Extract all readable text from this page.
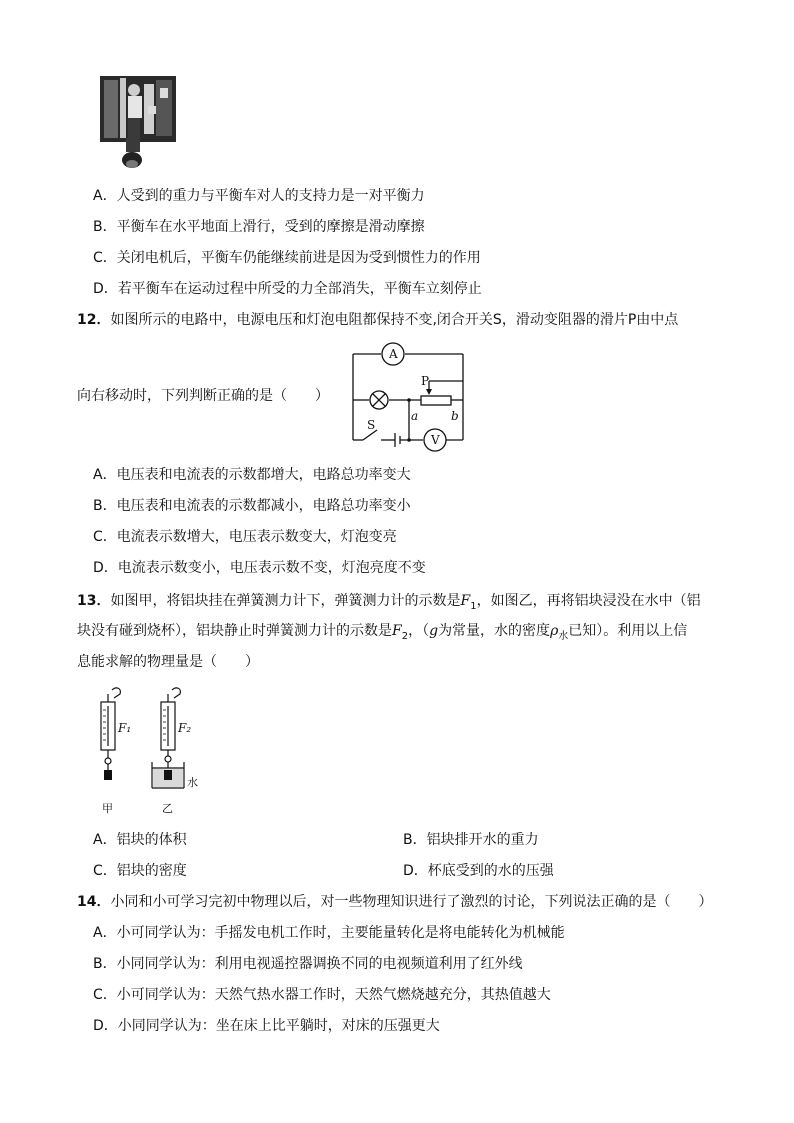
A．人受到的重力与平衡车对人的支持力是一对平衡力
B．平衡车在水平地面上滑行，受到的摩擦是滑动摩擦
C．关闭电机后，平衡车仍能继续前进是因为受到惯性力的作用
D．若平衡车在运动过程中所受的力全部消失，平衡车立刻停止
12．如图所示的电路中，电源电压和灯泡电阻都保持不变,闭合开关S，滑动变阻器的滑片P由中点
向右移动时，下列判断正确的是（　　）
A
V
S
P
a	b
A．电压表和电流表的示数都增大，电路总功率变大
B．电压表和电流表的示数都减小，电路总功率变小
C．电流表示数增大，电压表示数变大，灯泡变亮
D．电流表示数变小，电压表示数不变，灯泡亮度不变
13．如图甲，将铝块挂在弹簧测力计下，弹簧测力计的示数是$F_1$，如图乙，再将铝块浸没在水中（铝
块没有碰到烧杯），铝块静止时弹簧测力计的示数是$F_2$，（g为常量，水的密度$\rho_水$已知）。利用以上信
息能求解的物理量是（　　）
F₁	F₂
水
甲	乙
A．铝块的体积	B．铝块排开水的重力
C．铝块的密度	D．杯底受到的水的压强
14．小同和小可学习完初中物理以后，对一些物理知识进行了激烈的讨论，下列说法正确的是（　　）
A．小可同学认为：手摇发电机工作时，主要能量转化是将电能转化为机械能
B．小同同学认为：利用电视遥控器调换不同的电视频道利用了红外线
C．小可同学认为：天然气热水器工作时，天然气燃烧越充分，其热值越大
D．小同同学认为：坐在床上比平躺时，对床的压强更大
